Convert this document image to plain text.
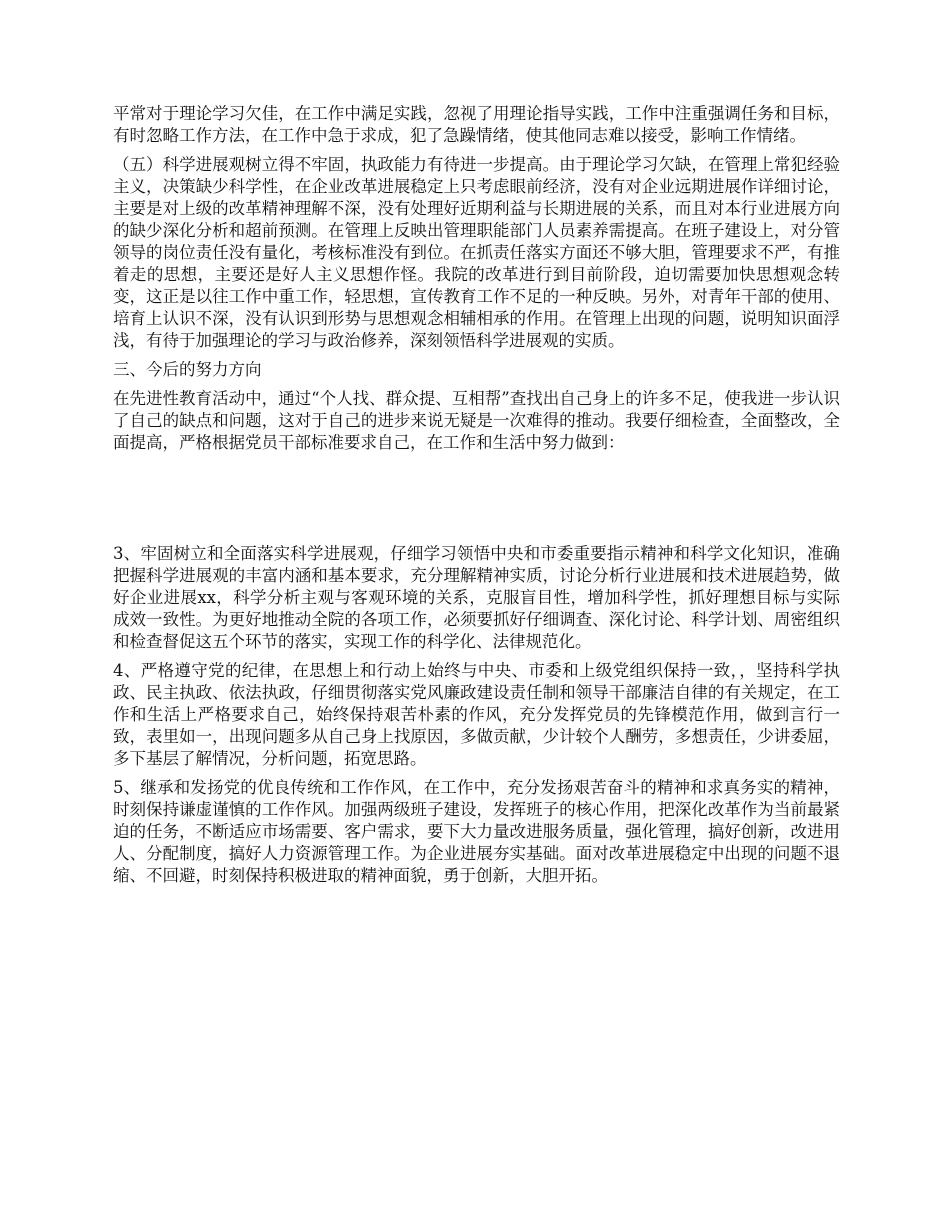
平常对于理论学习欠佳，在工作中满足实践，忽视了用理论指导实践，工作中注重强调任务和目标，有时忽略工作方法，在工作中急于求成，犯了急躁情绪，使其他同志难以接受，影响工作情绪。

（五）科学进展观树立得不牢固，执政能力有待进一步提高。由于理论学习欠缺，在管理上常犯经验主义，决策缺少科学性，在企业改革进展稳定上只考虑眼前经济，没有对企业远期进展作详细讨论，主要是对上级的改革精神理解不深，没有处理好近期利益与长期进展的关系，而且对本行业进展方向的缺少深化分析和超前预测。在管理上反映出管理职能部门人员素养需提高。在班子建设上，对分管领导的岗位责任没有量化，考核标准没有到位。在抓责任落实方面还不够大胆，管理要求不严，有推着走的思想，主要还是好人主义思想作怪。我院的改革进行到目前阶段，迫切需要加快思想观念转变，这正是以往工作中重工作，轻思想，宣传教育工作不足的一种反映。另外，对青年干部的使用、培育上认识不深，没有认识到形势与思想观念相辅相承的作用。在管理上出现的问题，说明知识面浮浅，有待于加强理论的学习与政治修养，深刻领悟科学进展观的实质。

三、今后的努力方向

在先进性教育活动中，通过“个人找、群众提、互相帮”查找出自己身上的许多不足，使我进一步认识了自己的缺点和问题，这对于自己的进步来说无疑是一次难得的推动。我要仔细检查，全面整改，全面提高，严格根据党员干部标准要求自己，在工作和生活中努力做到：

3、牢固树立和全面落实科学进展观，仔细学习领悟中央和市委重要指示精神和科学文化知识，准确把握科学进展观的丰富内涵和基本要求，充分理解精神实质，讨论分析行业进展和技术进展趋势，做好企业进展xx，科学分析主观与客观环境的关系，克服盲目性，增加科学性，抓好理想目标与实际成效一致性。为更好地推动全院的各项工作，必须要抓好仔细调查、深化讨论、科学计划、周密组织和检查督促这五个环节的落实，实现工作的科学化、法律规范化。

4、严格遵守党的纪律，在思想上和行动上始终与中央、市委和上级党组织保持一致，，坚持科学执政、民主执政、依法执政，仔细贯彻落实党风廉政建设责任制和领导干部廉洁自律的有关规定，在工作和生活上严格要求自己，始终保持艰苦朴素的作风，充分发挥党员的先锋模范作用，做到言行一致，表里如一，出现问题多从自己身上找原因，多做贡献，少计较个人酬劳，多想责任，少讲委屈，多下基层了解情况，分析问题，拓宽思路。

5、继承和发扬党的优良传统和工作作风，在工作中，充分发扬艰苦奋斗的精神和求真务实的精神，时刻保持谦虚谨慎的工作作风。加强两级班子建设，发挥班子的核心作用，把深化改革作为当前最紧迫的任务，不断适应市场需要、客户需求，要下大力量改进服务质量，强化管理，搞好创新，改进用人、分配制度，搞好人力资源管理工作。为企业进展夯实基础。面对改革进展稳定中出现的问题不退缩、不回避，时刻保持积极进取的精神面貌，勇于创新，大胆开拓。
